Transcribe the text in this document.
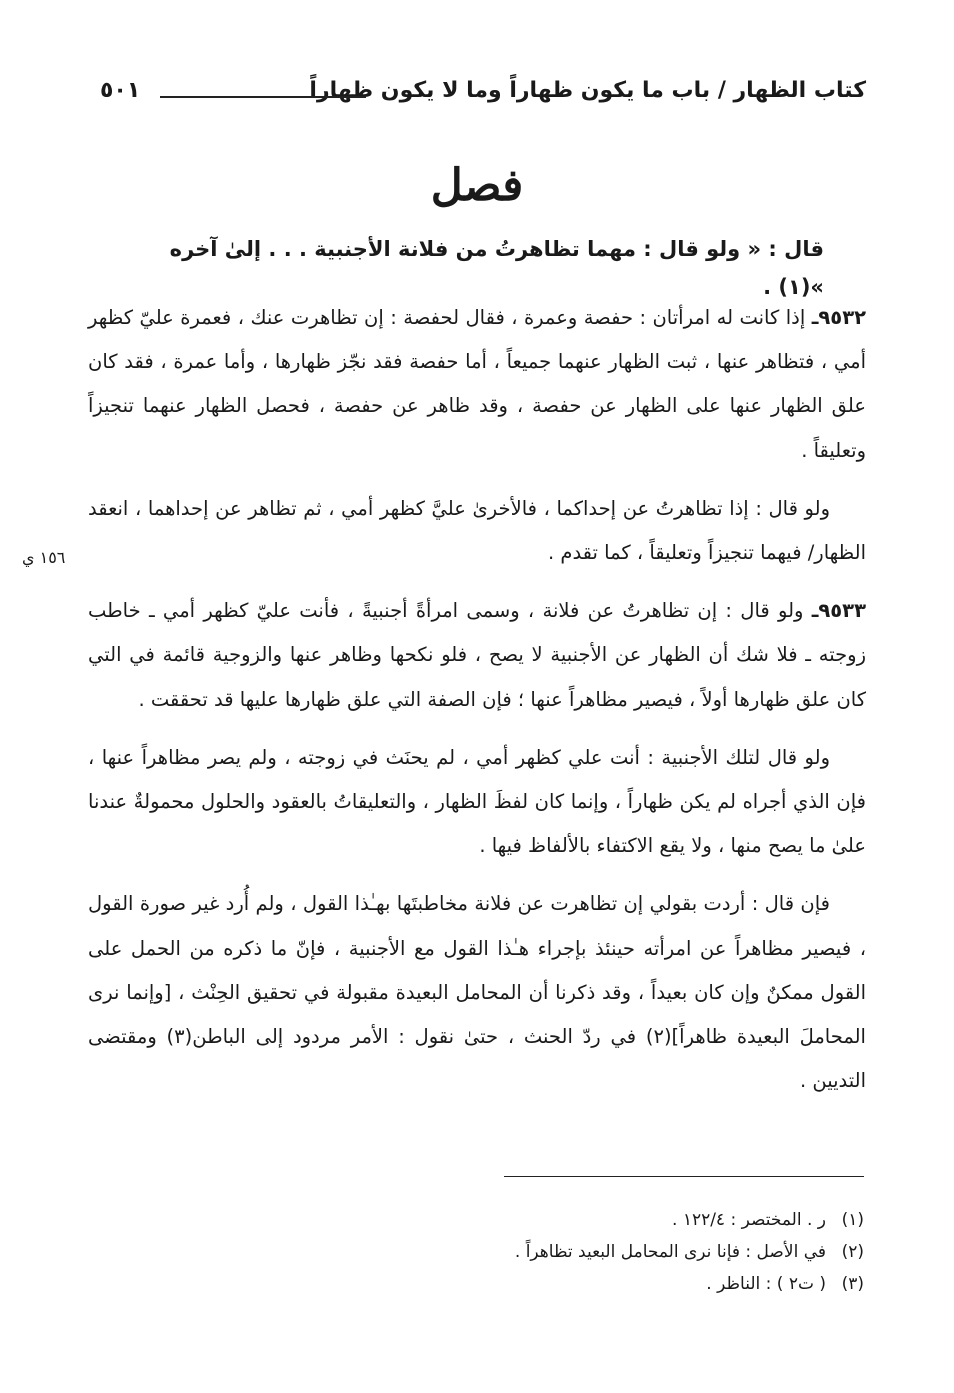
كتاب الظهار / باب ما يكون ظهاراً وما لا يكون ظهاراً
٥٠١
فصل
قال : « ولو قال : مهما تظاهرتُ من فلانة الأجنبية . . . إلىٰ آخره »(١) .
١٥٦ ي

٩٥٣٢ـ إذا كانت له امرأتان : حفصة وعمرة ، فقال لحفصة : إن تظاهرت عنك ، فعمرة عليّ كظهر أمي ، فتظاهر عنها ، ثبت الظهار عنهما جميعاً ، أما حفصة فقد نجّز ظهارها ، وأما عمرة ، فقد كان علق الظهار عنها على الظهار عن حفصة ، وقد ظاهر عن حفصة ، فحصل الظهار عنهما تنجيزاً وتعليقاً .

ولو قال : إذا تظاهرتُ عن إحداكما ، فالأخرىٰ عليَّ كظهر أمي ، ثم تظاهر عن إحداهما ، انعقد الظهار/ فيهما تنجيزاً وتعليقاً ، كما تقدم .

٩٥٣٣ـ ولو قال : إن تظاهرتُ عن فلانة ، وسمى امرأةً أجنبيةً ، فأنت عليّ كظهر أمي ـ خاطب زوجته ـ فلا شك أن الظهار عن الأجنبية لا يصح ، فلو نكحها وظاهر عنها والزوجية قائمة في التي كان علق ظهارها أولاً ، فيصير مظاهراً عنها ؛ فإن الصفة التي علق ظهارها عليها قد تحققت .

ولو قال لتلك الأجنبية : أنت علي كظهر أمي ، لم يحنَث في زوجته ، ولم يصر مظاهراً عنها ، فإن الذي أجراه لم يكن ظهاراً ، وإنما كان لفظَ الظهار ، والتعليقاتُ بالعقود والحلول محمولةٌ عندنا علىٰ ما يصح منها ، ولا يقع الاكتفاء بالألفاظ فيها .

فإن قال : أردت بقولي إن تظاهرت عن فلانة مخاطبتَها بهـٰذا القول ، ولم أُرد غير صورة القول ، فيصير مظاهراً عن امرأته حينئذ بإجراء هـٰذا القول مع الأجنبية ، فإنّ ما ذكره من الحمل على القول ممكنٌ وإن كان بعيداً ، وقد ذكرنا أن المحامل البعيدة مقبولة في تحقيق الحِنْث ، [وإنما نرى المحاملَ البعيدة ظاهراً](٢) في ردّ الحنث ، حتىٰ نقول : الأمر مردود إلى الباطن(٣) ومقتضى التديين .

(١)ر . المختصر : ١٢٢/٤ .
(٢)في الأصل : فإنا نرى المحامل البعيد تظاهراً .
(٣)( ت٢ ) : الناظر .
